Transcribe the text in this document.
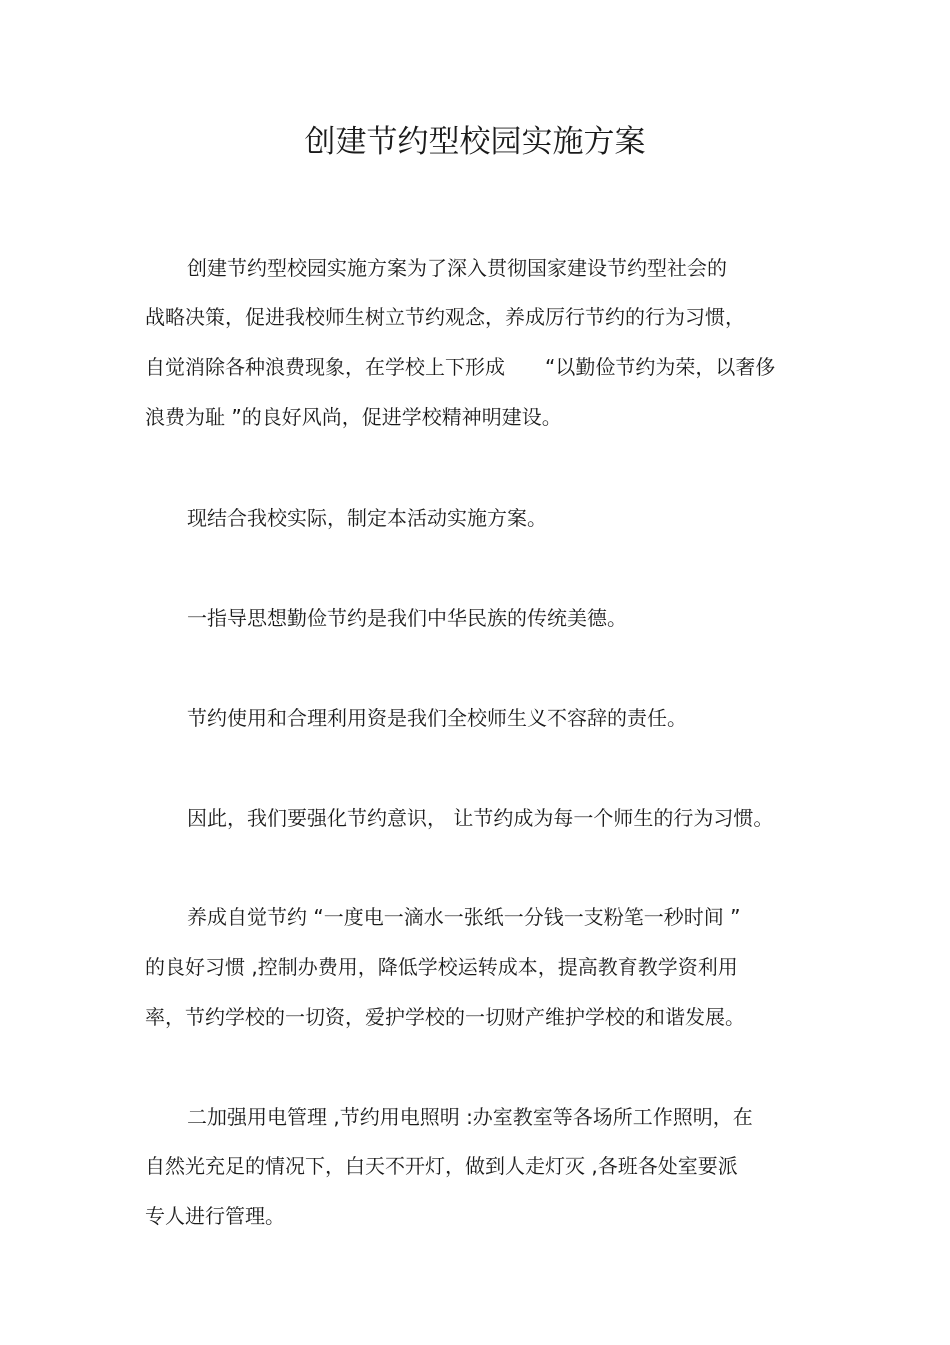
创建节约型校园实施方案
创建节约型校园实施方案为了深入贯彻国家建设节约型社会的
战略决策，促进我校师生树立节约观念，养成厉行节约的行为习惯，
自觉消除各种浪费现象，在学校上下形成　　“以勤俭节约为荣，以奢侈
浪费为耻 ”的良好风尚，促进学校精神明建设。
现结合我校实际，制定本活动实施方案。
一指导思想勤俭节约是我们中华民族的传统美德。
节约使用和合理利用资是我们全校师生义不容辞的责任。
因此，我们要强化节约意识， 让节约成为每一个师生的行为习惯。
养成自觉节约 “一度电一滴水一张纸一分钱一支粉笔一秒时间 ”
的良好习惯 ,控制办费用，降低学校运转成本，提高教育教学资利用
率，节约学校的一切资，爱护学校的一切财产维护学校的和谐发展。
二加强用电管理 ,节约用电照明 :办室教室等各场所工作照明，在
自然光充足的情况下，白天不开灯，做到人走灯灭 ,各班各处室要派
专人进行管理。
